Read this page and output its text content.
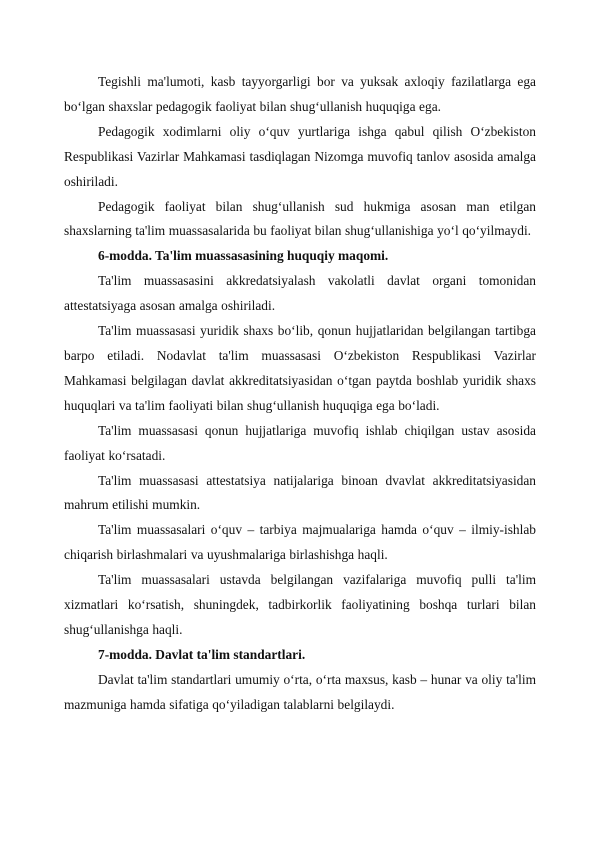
Tegishli ma'lumoti, kasb tayyorgarligi bor va yuksak axloqiy fazilatlarga ega bo‘lgan shaxslar pedagogik faoliyat bilan shug‘ullanish huquqiga ega.

Pedagogik xodimlarni oliy o‘quv yurtlariga ishga qabul qilish O‘zbekiston Respublikasi Vazirlar Mahkamasi tasdiqlagan Nizomga muvofiq tanlov asosida amalga oshiriladi.

Pedagogik faoliyat bilan shug‘ullanish sud hukmiga asosan man etilgan shaxslarning ta'lim muassasalarida bu faoliyat bilan shug‘ullanishiga yo‘l qo‘yilmaydi.

6-modda. Ta'lim muassasasining huquqiy maqomi.

Ta'lim muassasasini akkredatsiyalash vakolatli davlat organi tomonidan attestatsiyaga asosan amalga oshiriladi.

Ta'lim muassasasi yuridik shaxs bo‘lib, qonun hujjatlaridan belgilangan tartibga barpo etiladi. Nodavlat ta'lim muassasasi O‘zbekiston Respublikasi Vazirlar Mahkamasi belgilagan davlat akkreditatsiyasidan o‘tgan paytda boshlab yuridik shaxs huquqlari va ta'lim faoliyati bilan shug‘ullanish huquqiga ega bo‘ladi.

Ta'lim muassasasi qonun hujjatlariga muvofiq ishlab chiqilgan ustav asosida faoliyat ko‘rsatadi.

Ta'lim muassasasi attestatsiya natijalariga binoan dvavlat akkreditatsiyasidan mahrum etilishi mumkin.

Ta'lim muassasalari o‘quv – tarbiya majmualariga hamda o‘quv – ilmiy-ishlab chiqarish birlashmalari va uyushmalariga birlashishga haqli.

Ta'lim muassasalari ustavda belgilangan vazifalariga muvofiq pulli ta'lim xizmatlari ko‘rsatish, shuningdek, tadbirkorlik faoliyatining boshqa turlari bilan shug‘ullanishga haqli.

7-modda. Davlat ta'lim standartlari.

Davlat ta'lim standartlari umumiy o‘rta, o‘rta maxsus, kasb – hunar va oliy ta'lim mazmuniga hamda sifatiga qo‘yiladigan talablarni belgilaydi.
